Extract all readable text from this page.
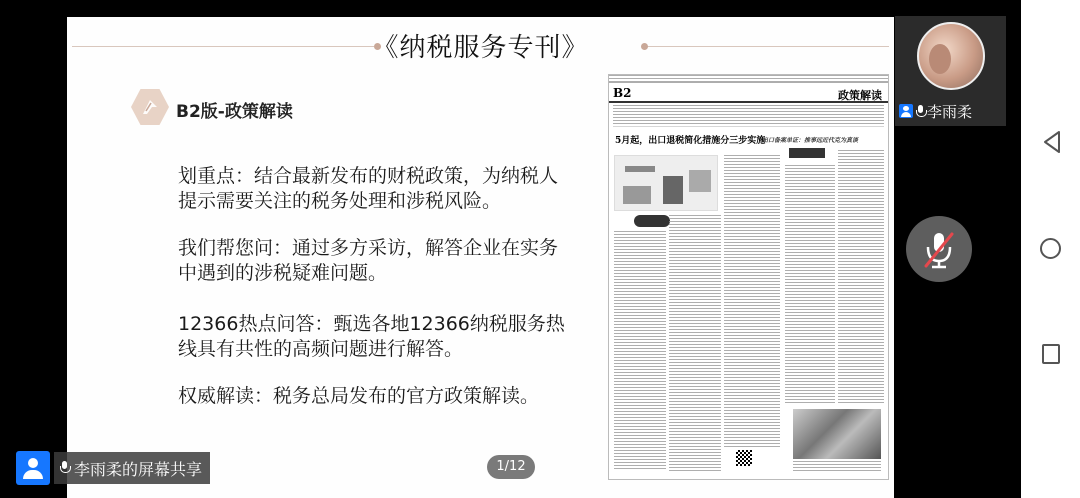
《纳税服务专刊》
B2版-政策解读
划重点：结合最新发布的财税政策，为纳税人提示需要关注的税务处理和涉税风险。
我们帮您问：通过多方采访，解答企业在实务中遇到的涉税疑难问题。
12366热点问答：甄选各地12366纳税服务热线具有共性的高频问题进行解答。
权威解读：税务总局发布的官方政策解读。
B2	政策解读
5月起，出口退税简化措施分三步实施
出口备案单证：推事远近代克为真谈
李雨柔
李雨柔的屏幕共享	1/12
